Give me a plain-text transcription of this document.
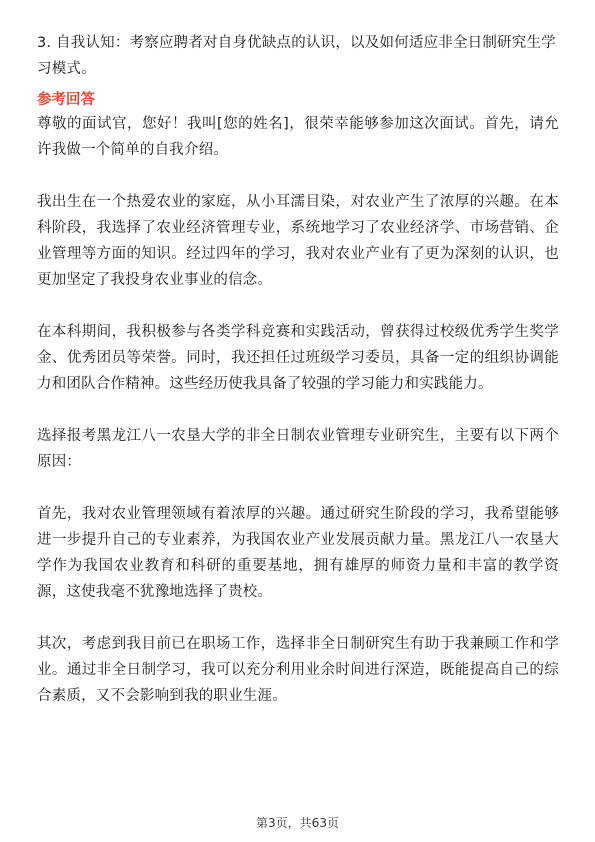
3. 自我认知：考察应聘者对自身优缺点的认识，以及如何适应非全日制研究生学习模式。

参考回答

尊敬的面试官，您好！我叫[您的姓名]，很荣幸能够参加这次面试。首先，请允许我做一个简单的自我介绍。

我出生在一个热爱农业的家庭，从小耳濡目染，对农业产生了浓厚的兴趣。在本科阶段，我选择了农业经济管理专业，系统地学习了农业经济学、市场营销、企业管理等方面的知识。经过四年的学习，我对农业产业有了更为深刻的认识，也更加坚定了我投身农业事业的信念。

在本科期间，我积极参与各类学科竞赛和实践活动，曾获得过校级优秀学生奖学金、优秀团员等荣誉。同时，我还担任过班级学习委员，具备一定的组织协调能力和团队合作精神。这些经历使我具备了较强的学习能力和实践能力。

选择报考黑龙江八一农垦大学的非全日制农业管理专业研究生，主要有以下两个原因：

首先，我对农业管理领域有着浓厚的兴趣。通过研究生阶段的学习，我希望能够进一步提升自己的专业素养，为我国农业产业发展贡献力量。黑龙江八一农垦大学作为我国农业教育和科研的重要基地，拥有雄厚的师资力量和丰富的教学资源，这使我毫不犹豫地选择了贵校。

其次，考虑到我目前已在职场工作，选择非全日制研究生有助于我兼顾工作和学业。通过非全日制学习，我可以充分利用业余时间进行深造，既能提高自己的综合素质，又不会影响到我的职业生涯。

第3页，共63页
